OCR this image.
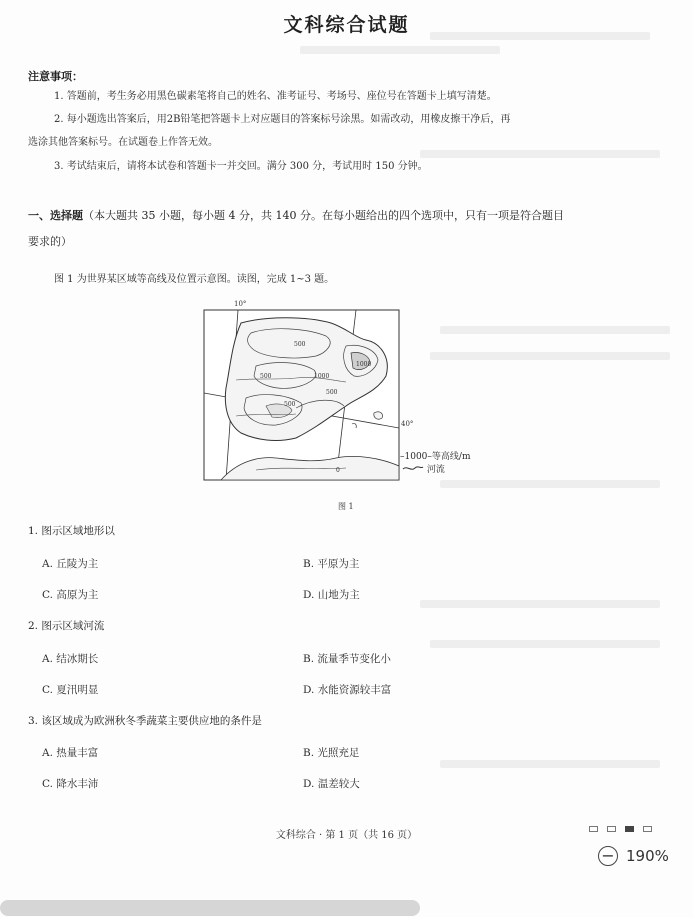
文科综合试题
注意事项：
1. 答题前，考生务必用黑色碳素笔将自己的姓名、准考证号、考场号、座位号在答题卡上填写清楚。
2. 每小题选出答案后，用2B铅笔把答题卡上对应题目的答案标号涂黑。如需改动，用橡皮擦干净后，再
选涂其他答案标号。在试题卷上作答无效。
3. 考试结束后，请将本试卷和答题卡一并交回。满分 300 分，考试用时 150 分钟。
一、选择题（本大题共 35 小题，每小题 4 分，共 140 分。在每小题给出的四个选项中，只有一项是符合题目
要求的）
图 1 为世界某区域等高线及位置示意图。读图，完成 1~3 题。
10°
40°
500
500
500
1000
1000
500
0
–1000–等高线/m
河流
图 1
1. 图示区域地形以
A. 丘陵为主	B. 平原为主
C. 高原为主	D. 山地为主
2. 图示区域河流
A. 结冰期长	B. 流量季节变化小
C. 夏汛明显	D. 水能资源较丰富
3. 该区域成为欧洲秋冬季蔬菜主要供应地的条件是
A. 热量丰富	B. 光照充足
C. 降水丰沛	D. 温差较大
文科综合 · 第 1 页（共 16 页）
− 190%
